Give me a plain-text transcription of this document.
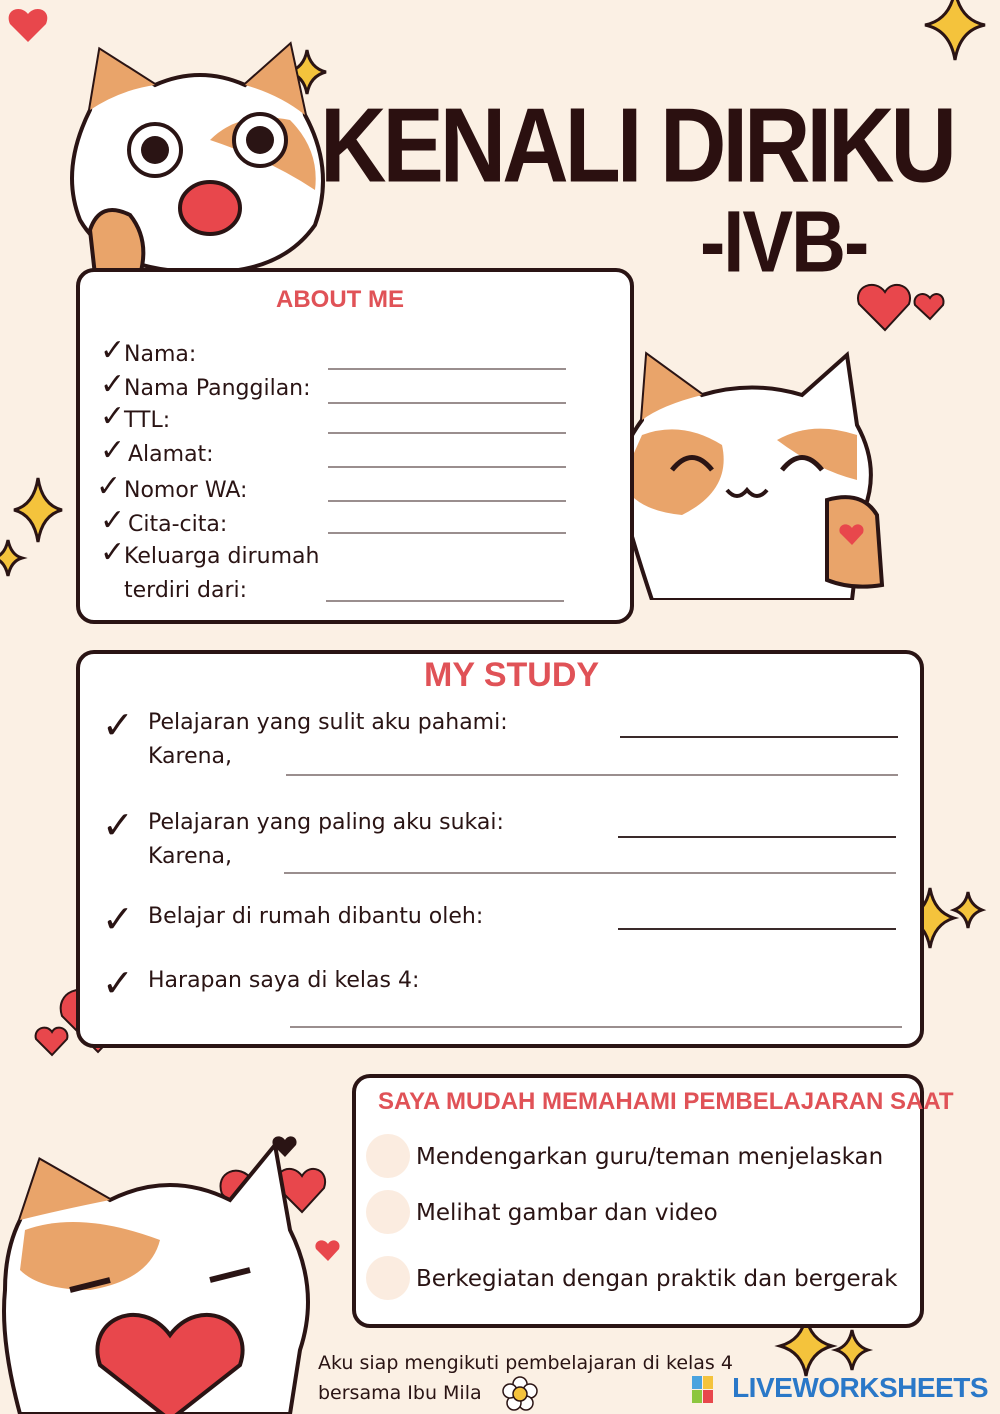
KENALI DIRIKU
-IVB-
ABOUT ME
✓
Nama:
✓
Nama Panggilan:
✓
TTL:
✓ Alamat:
✓ Nomor WA:
✓ Cita-cita:
✓
Keluarga dirumah
terdiri dari:
MY STUDY
✓ Pelajaran yang sulit aku pahami:
Karena,
✓ Pelajaran yang paling aku sukai:
Karena,
✓ Belajar di rumah dibantu oleh:
✓ Harapan saya di kelas 4:
SAYA MUDAH MEMAHAMI PEMBELAJARAN SAAT
Mendengarkan guru/teman menjelaskan
Melihat gambar dan video
Berkegiatan dengan praktik dan bergerak
Aku siap mengikuti pembelajaran di kelas 4
bersama Ibu Mila	LIVEWORKSHEETS
